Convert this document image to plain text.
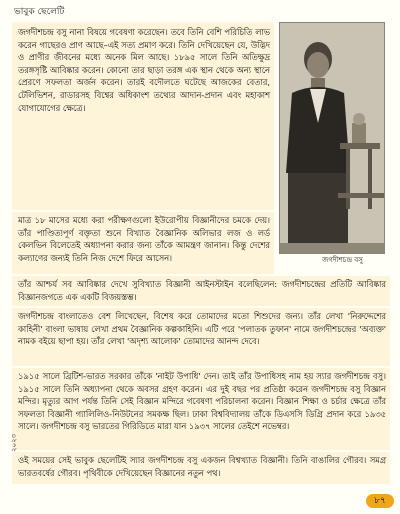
ভাবুক ছেলেটি

জগদীশচন্দ্র বসু নানা বিষয়ে গবেষণা করেছেন। তবে তিনি বেশি পরিচিতি লাভ করেন গাছেরও প্রাণ আছে–এই সত্য প্রমাণ করে। তিনি দেখিয়েছেন যে, উদ্ভিদ ও প্রাণীর জীবনের মধ্যে অনেক মিল আছে। ১৮৯৫ সালে তিনি অতিক্ষুদ্র তরঙ্গসৃষ্টি আবিষ্কার করেন। কোনো তার ছাড়া তরঙ্গ এক স্থান থেকে অন্য স্থানে প্রেরণে সফলতা অর্জন করেন। তারই বদৌলতে ঘটেছে আজকের বেতার, টেলিভিশন, রাডারসহ বিশ্বের অধিকাংশ তথ্যের আদান-প্রদান এবং মহাকাশ যোগাযোগের ক্ষেত্রে।

মাত্র ১৮ মাসের মধ্যে করা পরীক্ষণগুলো ইউরোপীয় বিজ্ঞানীদের চমকে দেয়। তাঁর পাণ্ডিত্যপূর্ণ বক্তৃতা শুনে বিখ্যাত বৈজ্ঞানিক অলিভার লজ ও লর্ড কেলভিন বিলেতেই অধ্যাপনা করার জন্য তাঁকে আমন্ত্রণ জানান। কিন্তু দেশের কল্যাণের জন্যই তিনি নিজ দেশে ফিরে আসেন।

তাঁর আশ্চর্য সব আবিষ্কার দেখে সুবিখ্যাত বিজ্ঞানী আইনস্টাইন বলেছিলেন: জগদীশচন্দ্রের প্রতিটি আবিষ্কার বিজ্ঞানজগতে এক একটি বিজয়স্তম্ভ।

জগদীশচন্দ্র বাংলাতেও বেশ লিখেছেন, বিশেষ করে তোমাদের মতো শিশুদের জন্য। তাঁর লেখা 'নিরুদ্দেশের কাহিনী' বাংলা ভাষায় লেখা প্রথম বৈজ্ঞানিক কল্পকাহিনি। এটি পরে 'পলাতক তুফান' নামে জগদীশচন্দ্রের 'অব্যক্ত' নামক বইয়ে ছাপা হয়। তাঁর লেখা 'অদৃশ্য আলোক' তোমাদের আনন্দ দেবে।

১৯১৫ সালে ব্রিটিশ-ভারত সরকার তাঁকে 'নাইট উপাধি' দেন। তাই তাঁর উপাধিসহ নাম হয় স্যার জগদীশচন্দ্র বসু। ১৯১৫ সালে তিনি অধ্যাপনা থেকে অবসর গ্রহণ করেন। এর দুই বছর পর প্রতিষ্ঠা করেন জগদীশচন্দ্র বসু বিজ্ঞান মন্দির। মৃত্যুর আগ পর্যন্ত তিনি সেই বিজ্ঞান মন্দিরে গবেষণা পরিচালনা করেন। বিজ্ঞান শিক্ষা ও চর্চার ক্ষেত্রে তাঁর সফলতা বিজ্ঞানী গ্যালিলিও-নিউটনের সমকক্ষ ছিল। ঢাকা বিশ্ববিদ্যালয় তাঁকে ডিএসসি ডিগ্রি প্রদান করে ১৯৩৫ সালে। জগদীশচন্দ্র বসু ভারতের গিরিডিতে মারা যান ১৯৩৭ সালের তেইশে নভেম্বর।

ওই সময়ের সেই ভাবুক ছেলেটিই স্যার জগদীশচন্দ্র বসু একজন বিশ্বখ্যাত বিজ্ঞানী। তিনি বাঙালির গৌরব। সমগ্র ভারতবর্ষের গৌরব। পৃথিবীকে দেখিয়েছেন বিজ্ঞানের নতুন পথ।

জগদীশচন্দ্র বসু
২০২৩
৮৭
